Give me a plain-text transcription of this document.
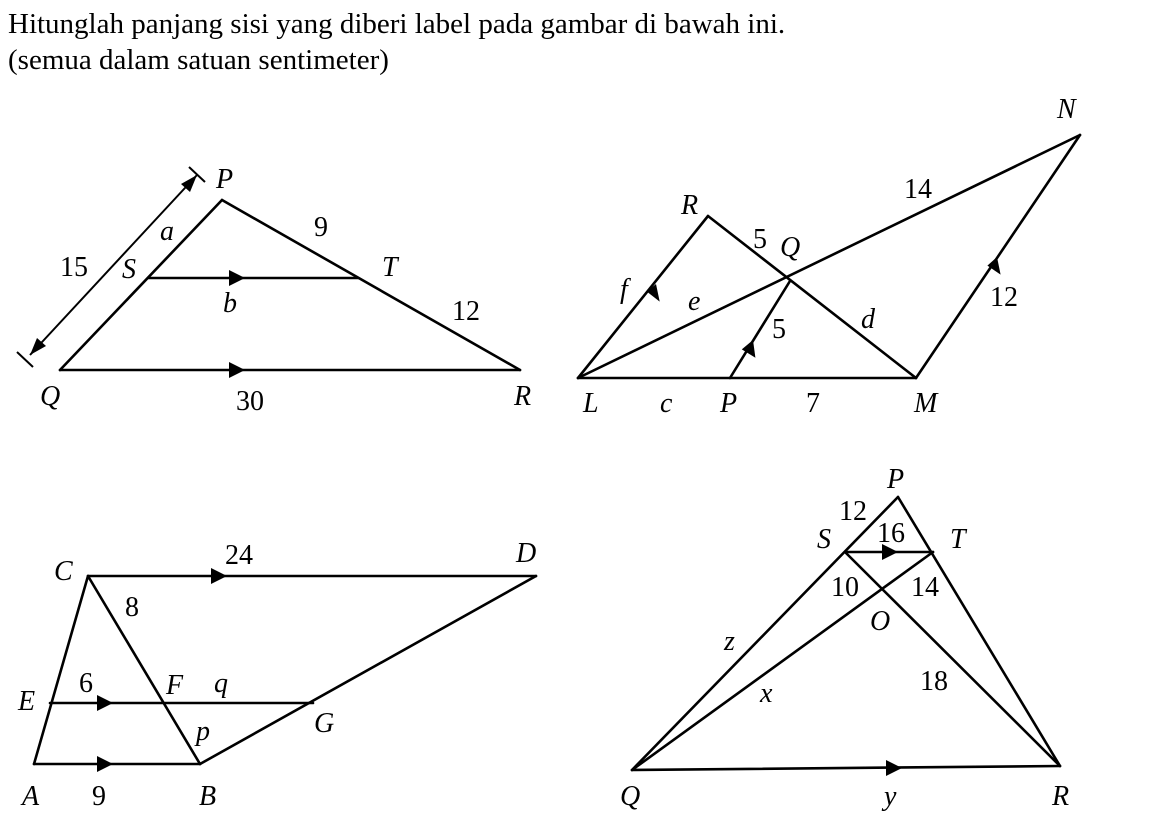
Hitunglah panjang sisi yang diberi label pada gambar di bawah ini.
(semua dalam satuan sentimeter)
P
S	T
Q	R
a
15
9
12
b
30
R
Q
N
L	P	M
5
14
f e
5	d
12
c	7
C
D
E
F
G
A	B
24
8
6	q
p
9
P
S	T
O
Q	R
12
16
10 14
z
x	18
y
